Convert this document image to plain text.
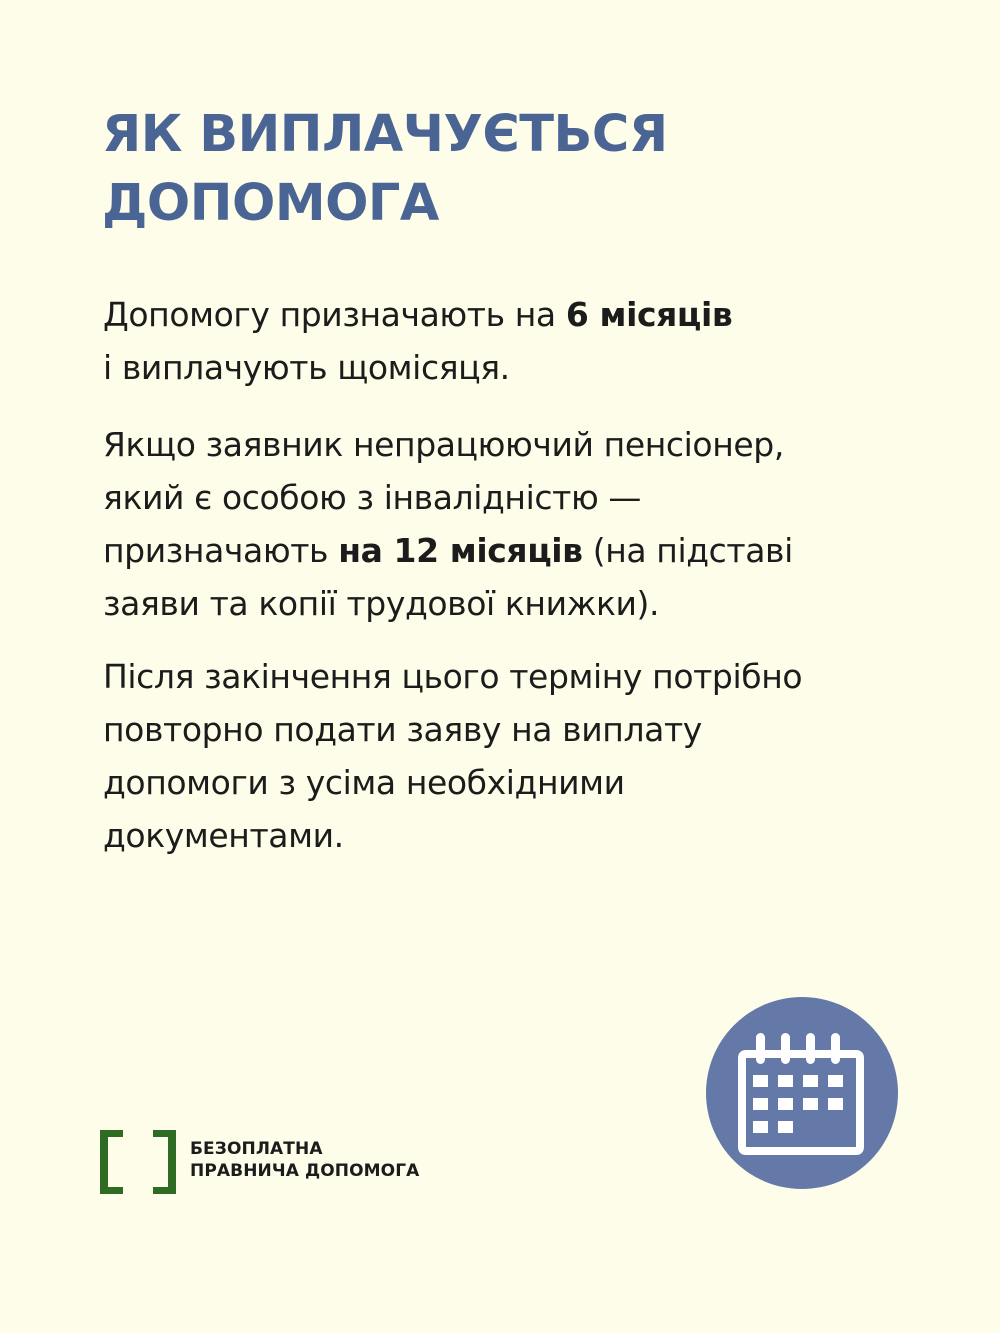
ЯК ВИПЛАЧУЄТЬСЯ
ДОПОМОГА

Допомогу призначають на 6 місяців
і виплачують щомісяця.

Якщо заявник непрацюючий пенсіонер,
який є особою з інвалідністю —
призначають на 12 місяців (на підставі
заяви та копії трудової книжки).

Після закінчення цього терміну потрібно
повторно подати заяву на виплату
допомоги з усіма необхідними
документами.

БЕЗОПЛАТНА
ПРАВНИЧА ДОПОМОГА
